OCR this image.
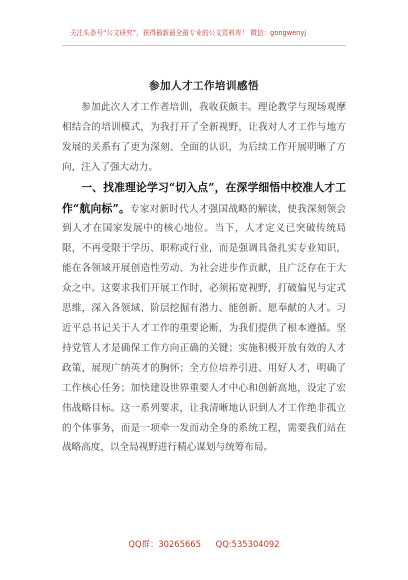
关注头条号“公文研究”，获得最新最全最专业的公文资料库！ 微信：gongwenyj
参加人才工作培训感悟

参加此次人才工作者培训，我收获颇丰。理论教学与现场观摩相结合的培训模式，为我打开了全新视野，让我对人才工作与地方发展的关系有了更为深刻、全面的认识，为后续工作开展明晰了方向，注入了强大动力。

一、找准理论学习“切入点”，在深学细悟中校准人才工作“航向标”。专家对新时代人才强国战略的解读，使我深刻领会到人才在国家发展中的核心地位。当下，人才定义已突破传统局限，不再受限于学历、职称或行业，而是强调具备扎实专业知识，能在各领域开展创造性劳动、为社会进步作贡献，且广泛存在于大众之中。这要求我们开展工作时，必须拓宽视野，打破偏见与定式思维，深入各领域、阶层挖掘有潜力、能创新、愿奉献的人才。习近平总书记关于人才工作的重要论断，为我们提供了根本遵循。坚持党管人才是确保工作方向正确的关键；实施积极开放有效的人才政策，展现广纳英才的胸怀；全方位培养引进、用好人才，明确了工作核心任务；加快建设世界重要人才中心和创新高地，设定了宏伟战略目标。这一系列要求，让我清晰地认识到人才工作绝非孤立的个体事务，而是一项牵一发而动全身的系统工程，需要我们站在战略高度，以全局视野进行精心谋划与统筹布局。

QQ群：30265665 QQ:535304092
